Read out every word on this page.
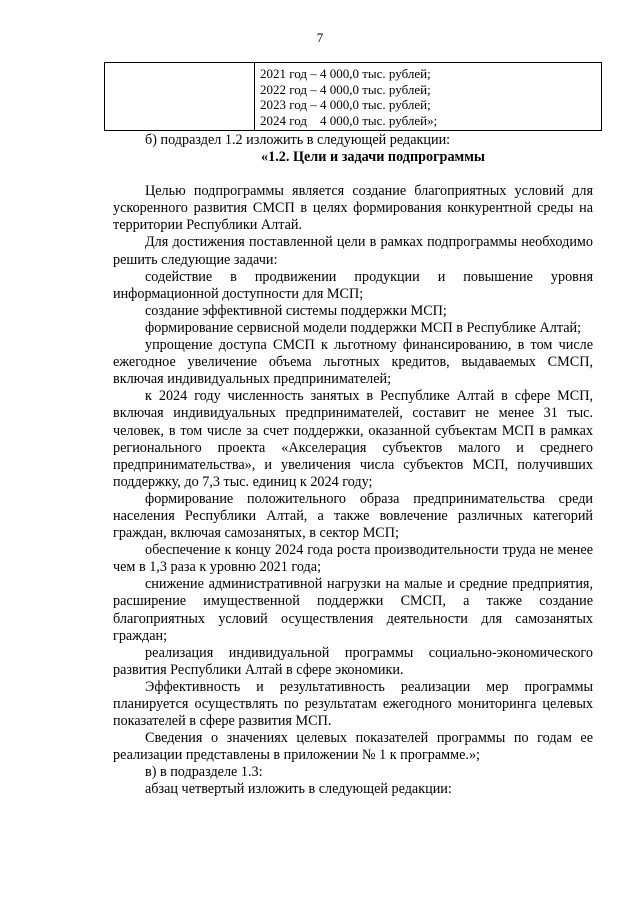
7

2021 год – 4 000,0 тыс. рублей;
2022 год – 4 000,0 тыс. рублей;
2023 год – 4 000,0 тыс. рублей;
2024 год    4 000,0 тыс. рублей»;

б) подраздел 1.2 изложить в следующей редакции:

«1.2. Цели и задачи подпрограммы

Целью подпрограммы является создание благоприятных условий для ускоренного развития СМСП в целях формирования конкурентной среды на территории Республики Алтай.

Для достижения поставленной цели в рамках подпрограммы необходимо решить следующие задачи:

содействие в продвижении продукции и повышение уровня информационной доступности для МСП;

создание эффективной системы поддержки МСП;

формирование сервисной модели поддержки МСП в Республике Алтай;

упрощение доступа СМСП к льготному финансированию, в том числе ежегодное увеличение объема льготных кредитов, выдаваемых СМСП, включая индивидуальных предпринимателей;

к 2024 году численность занятых в Республике Алтай в сфере МСП, включая индивидуальных предпринимателей, составит не менее 31 тыс. человек, в том числе за счет поддержки, оказанной субъектам МСП в рамках регионального проекта «Акселерация субъектов малого и среднего предпринимательства», и увеличения числа субъектов МСП, получивших поддержку, до 7,3 тыс. единиц к 2024 году;

формирование положительного образа предпринимательства среди населения Республики Алтай, а также вовлечение различных категорий граждан, включая самозанятых, в сектор МСП;

обеспечение к концу 2024 года роста производительности труда не менее чем в 1,3 раза к уровню 2021 года;

снижение административной нагрузки на малые и средние предприятия, расширение имущественной поддержки СМСП, а также создание благоприятных условий осуществления деятельности для самозанятых граждан;

реализация индивидуальной программы социально-экономического развития Республики Алтай в сфере экономики.

Эффективность и результативность реализации мер программы планируется осуществлять по результатам ежегодного мониторинга целевых показателей в сфере развития МСП.

Сведения о значениях целевых показателей программы по годам ее реализации представлены в приложении № 1 к программе.»;

в) в подразделе 1.3:

абзац четвертый изложить в следующей редакции:
